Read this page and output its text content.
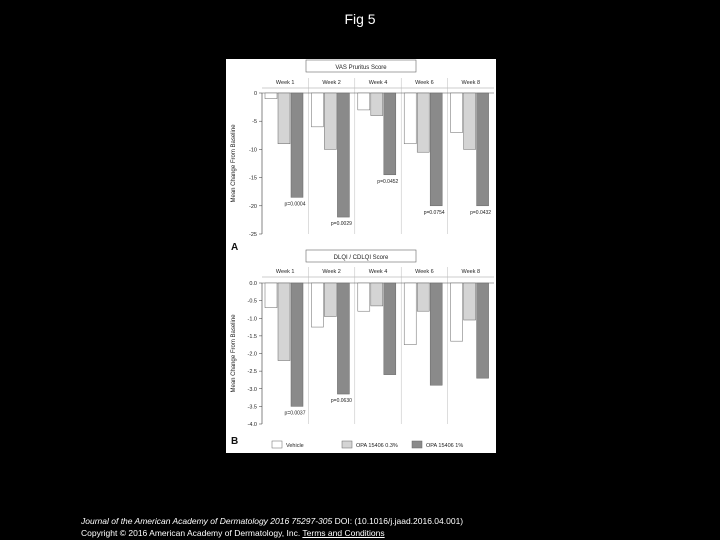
Fig 5
VAS Pruritus Score
Week 1	Week 2	Week 4	Week 6	Week 8
0
-5
-10
-15
-20
-25
Mean Change From Baseline
p=0.0004
p=0.0029
p=0.0452
p=0.0754	p=0.0432
A
DLQI / CDLQI Score
Week 1	Week 2	Week 4	Week 6	Week 8
0.0
-0.5
-1.0
-1.5
-2.0
-2.5
-3.0
-3.5
-4.0
Mean Change From Baseline
p=0.0037
p=0.0630
B	Vehicle	OPA 15406 0.3%	OPA 15406 1%
Journal of the American Academy of Dermatology 2016 75297-305 DOI: (10.1016/j.jaad.2016.04.001)
Copyright © 2016 American Academy of Dermatology, Inc. Terms and Conditions
